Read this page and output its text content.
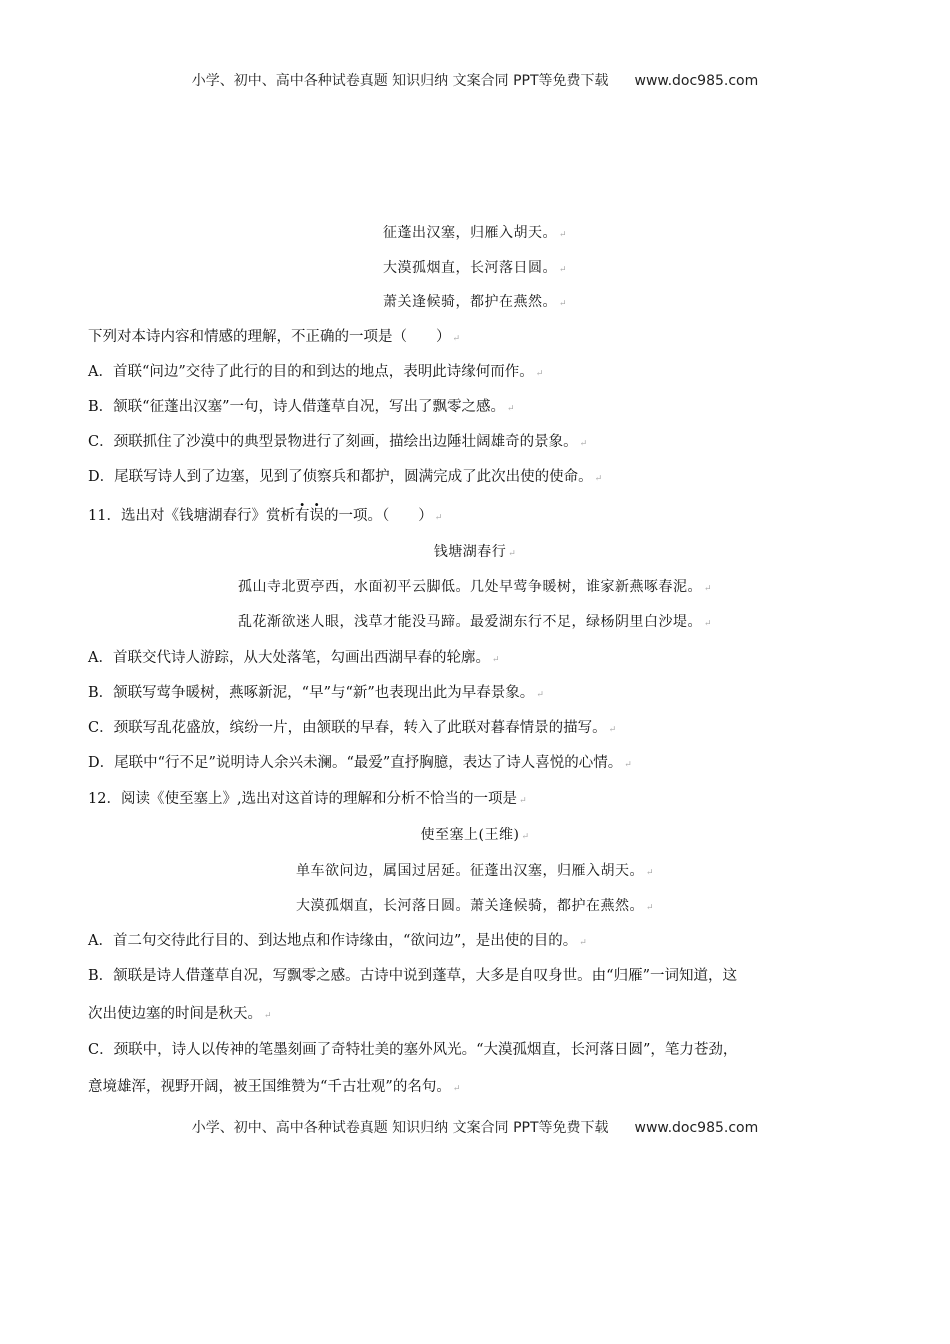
小学、初中、高中各种试卷真题 知识归纳 文案合同 PPT等免费下载 www.doc985.com
征蓬出汉塞，归雁入胡天。 ↵
大漠孤烟直，长河落日圆。 ↵
萧关逢候骑，都护在燕然。 ↵
下列对本诗内容和情感的理解，不正确的一项是（　　） ↵
A．首联“问边”交待了此行的目的和到达的地点，表明此诗缘何而作。 ↵
B．颔联“征蓬出汉塞”一句，诗人借蓬草自况，写出了飘零之感。 ↵
C．颈联抓住了沙漠中的典型景物进行了刻画，描绘出边陲壮阔雄奇的景象。 ↵
D．尾联写诗人到了边塞，见到了侦察兵和都护，圆满完成了此次出使的使命。 ↵
11．选出对《钱塘湖春行》赏析有误的一项。（　　） ↵
钱塘湖春行 ↵
孤山寺北贾亭西，水面初平云脚低。几处早莺争暖树，谁家新燕啄春泥。 ↵
乱花渐欲迷人眼，浅草才能没马蹄。最爱湖东行不足，绿杨阴里白沙堤。 ↵
A．首联交代诗人游踪，从大处落笔，勾画出西湖早春的轮廓。 ↵
B．颔联写莺争暖树，燕啄新泥，“早”与“新”也表现出此为早春景象。 ↵
C．颈联写乱花盛放，缤纷一片，由颔联的早春，转入了此联对暮春情景的描写。 ↵
D．尾联中“行不足”说明诗人余兴未澜。“最爱”直抒胸臆，表达了诗人喜悦的心情。 ↵
12．阅读《使至塞上》,选出对这首诗的理解和分析不恰当的一项是 ↵
使至塞上(王维) ↵
单车欲问边，属国过居延。征蓬出汉塞，归雁入胡天。 ↵
大漠孤烟直，长河落日圆。萧关逢候骑，都护在燕然。 ↵
A．首二句交待此行目的、到达地点和作诗缘由，“欲问边”，是出使的目的。 ↵
B．颔联是诗人借蓬草自况，写飘零之感。古诗中说到蓬草，大多是自叹身世。由“归雁”一词知道，这
次出使边塞的时间是秋天。 ↵
C．颈联中，诗人以传神的笔墨刻画了奇特壮美的塞外风光。“大漠孤烟直，长河落日圆”，笔力苍劲，
意境雄浑，视野开阔，被王国维赞为“千古壮观”的名句。 ↵
小学、初中、高中各种试卷真题 知识归纳 文案合同 PPT等免费下载 www.doc985.com
